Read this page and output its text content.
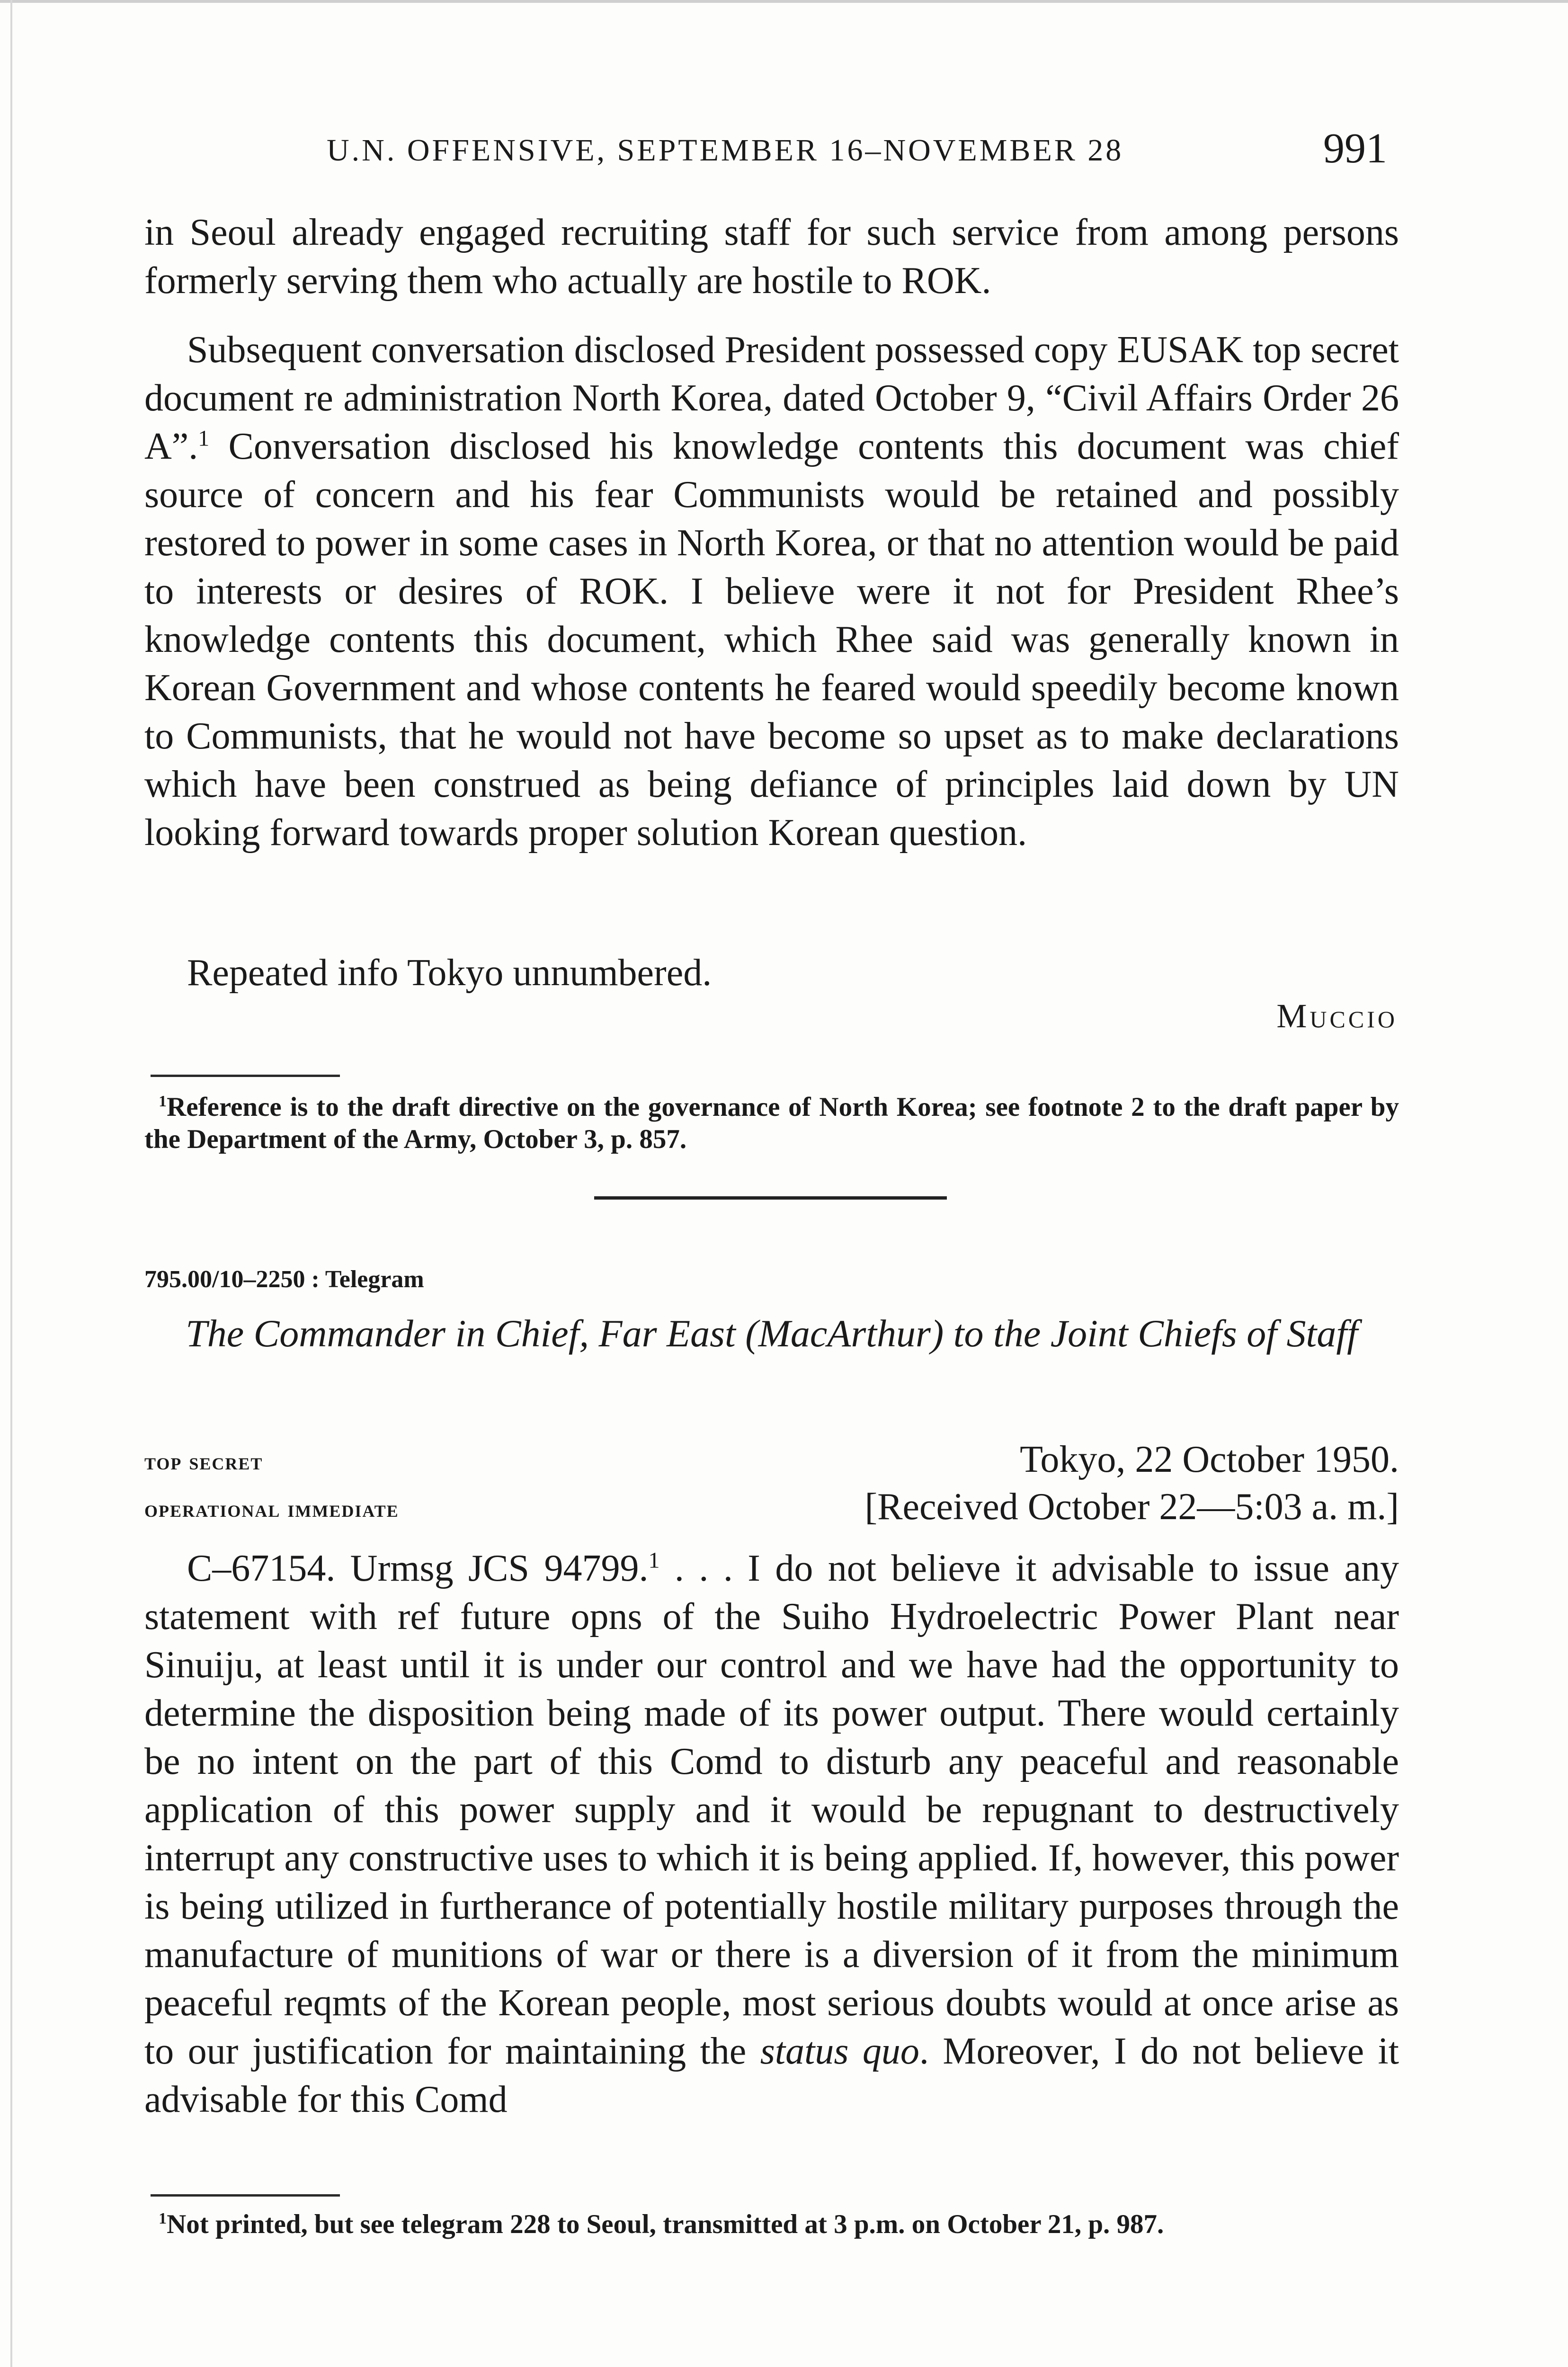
U.N. OFFENSIVE, SEPTEMBER 16–NOVEMBER 28	991

in Seoul already engaged recruiting staff for such service from among persons formerly serving them who actually are hostile to ROK.

Subsequent conversation disclosed President possessed copy EUSAK top secret document re administration North Korea, dated October 9, “Civil Affairs Order 26 A”.$^1$ Conversation disclosed his knowledge contents this document was chief source of concern and his fear Communists would be retained and possibly restored to power in some cases in North Korea, or that no attention would be paid to interests or desires of ROK. I believe were it not for President Rhee’s knowledge contents this document, which Rhee said was generally known in Korean Government and whose contents he feared would speedily become known to Communists, that he would not have become so upset as to make declarations which have been construed as being defiance of principles laid down by UN looking forward towards proper solution Korean question.

Repeated info Tokyo unnumbered.

Muccio

$^1$Reference is to the draft directive on the governance of North Korea; see footnote 2 to the draft paper by the Department of the Army, October 3, p. 857.

795.00/10–2250 : Telegram
The Commander in Chief, Far East (MacArthur) to the Joint Chiefs of Staff
top secret	Tokyo, 22 October 1950.
operational immediate	[Received October 22—5:03 a. m.]

C–67154. Urmsg JCS 94799.$^1$ . . . I do not believe it advisable to issue any statement with ref future opns of the Suiho Hydroelectric Power Plant near Sinuiju, at least until it is under our control and we have had the opportunity to determine the disposition being made of its power output. There would certainly be no intent on the part of this Comd to disturb any peaceful and reasonable application of this power supply and it would be repugnant to destructively interrupt any constructive uses to which it is being applied. If, however, this power is being utilized in furtherance of potentially hostile military purposes through the manufacture of munitions of war or there is a diversion of it from the minimum peaceful reqmts of the Korean people, most serious doubts would at once arise as to our justification for maintaining the status quo. Moreover, I do not believe it advisable for this Comd

$^1$Not printed, but see telegram 228 to Seoul, transmitted at 3 p.m. on October 21, p. 987.
